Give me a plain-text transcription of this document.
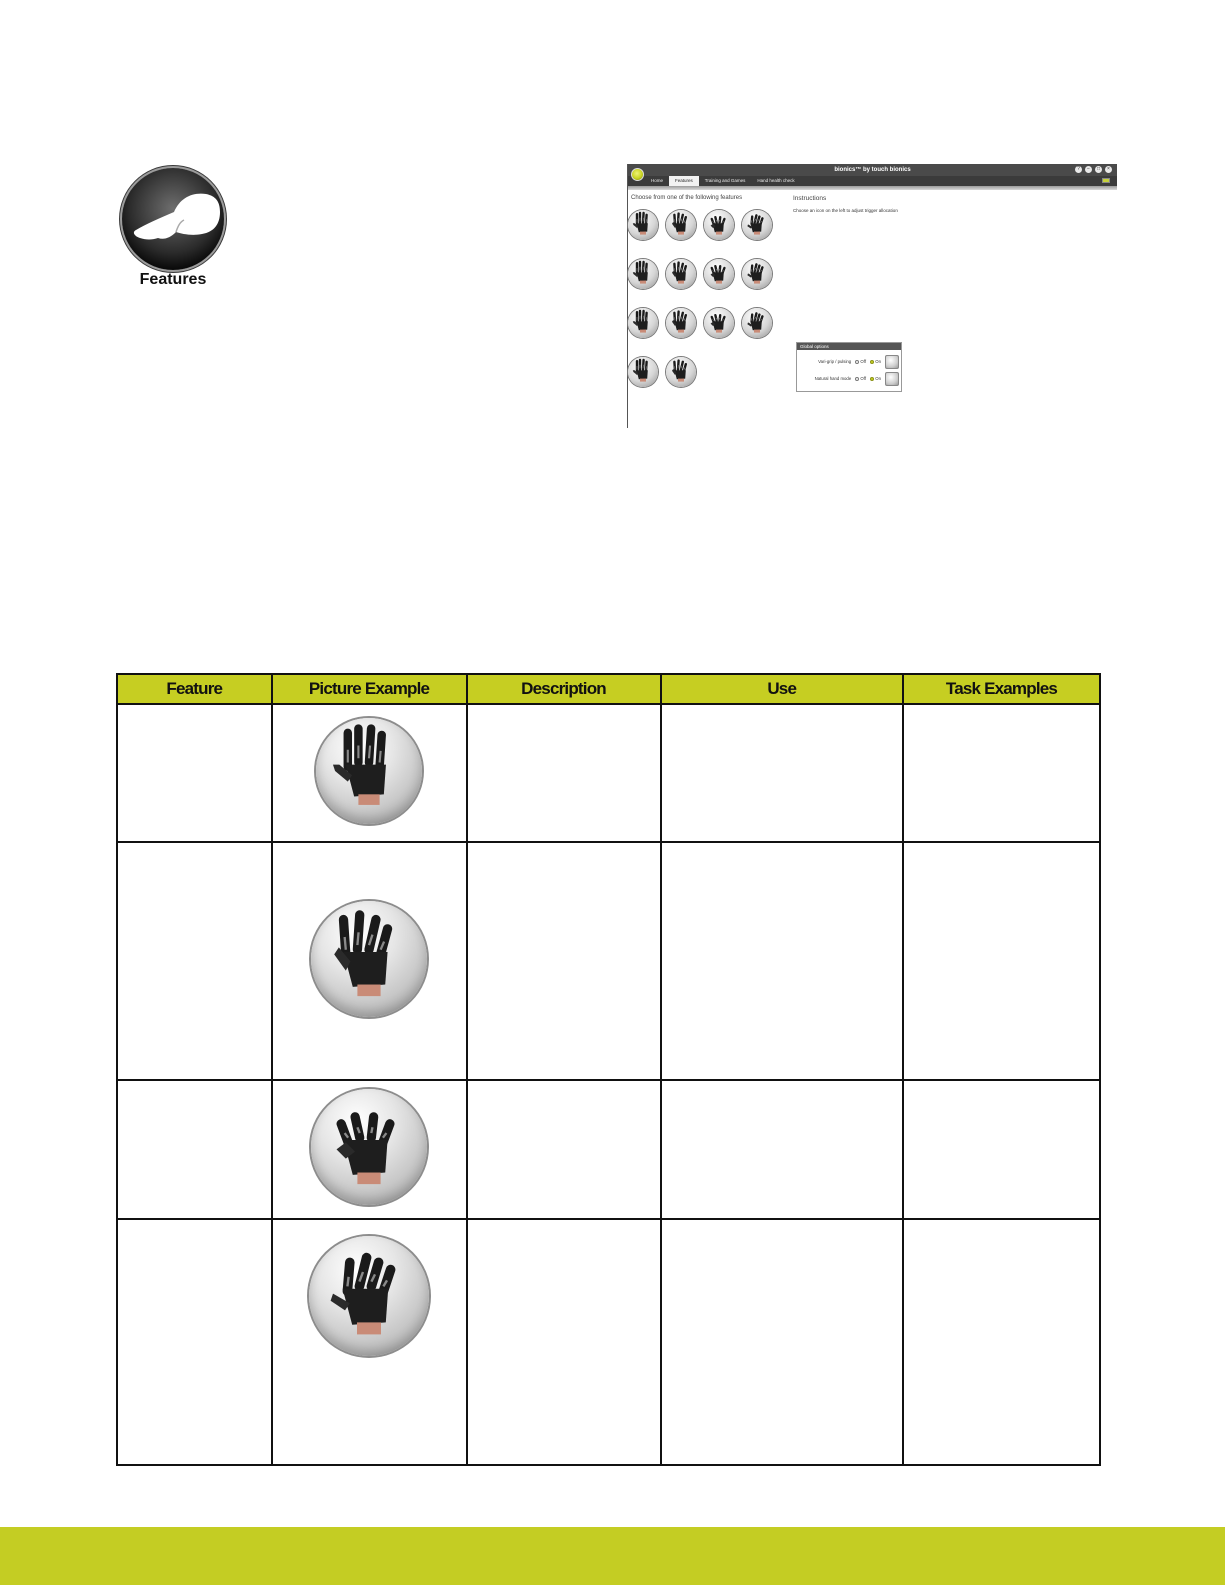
Features
bionics™ by touch bionics	?	−	□	×
Home	Features	Training and Games	Hand health check
Choose from one of the following features	Instructions
Choose an icon on the left to adjust trigger allocation
Global options
Vari-grip / pulsing Off On
Natural hand mode Off On
Feature	Picture Example	Description	Use	Task Examples
